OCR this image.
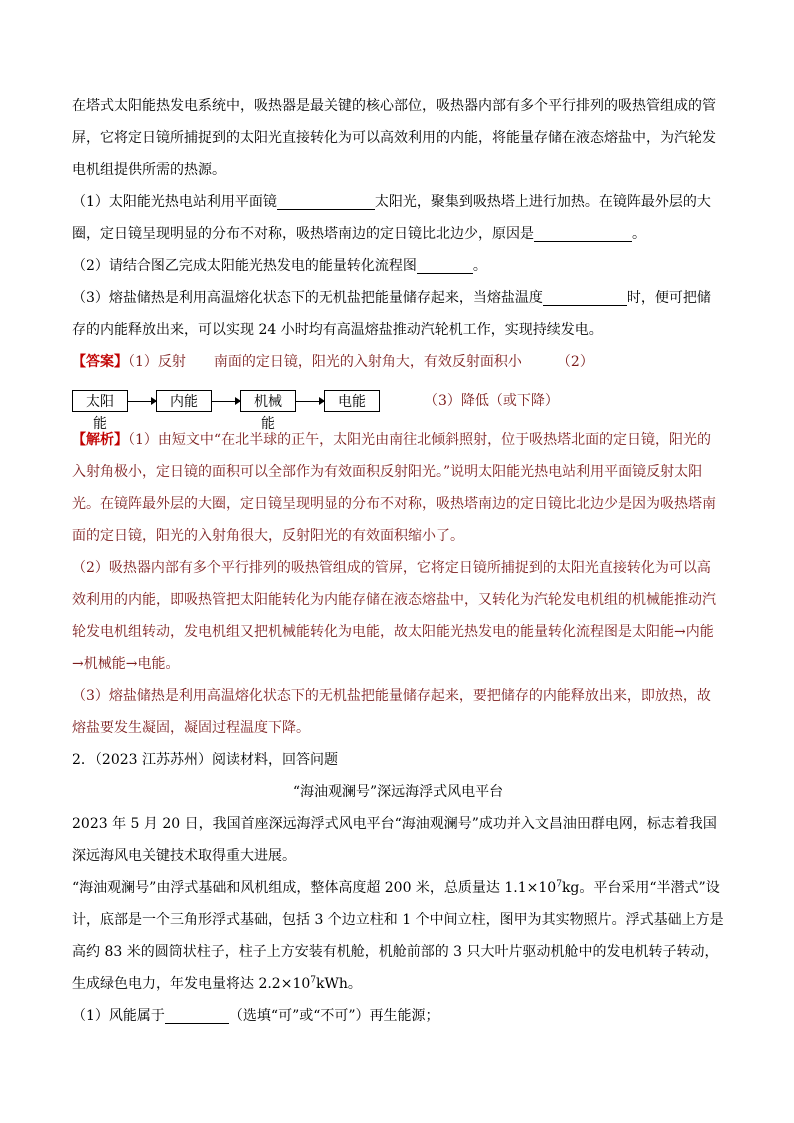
在塔式太阳能热发电系统中，吸热器是最关键的核心部位，吸热器内部有多个平行排列的吸热管组成的管屏，它将定日镜所捕捉到的太阳光直接转化为可以高效利用的内能，将能量存储在液态熔盐中，为汽轮发电机组提供所需的热源。

（1）太阳能光热电站利用平面镜	太阳光，聚集到吸热塔上进行加热。在镜阵最外层的大圈，定日镜呈现明显的分布不对称，吸热塔南边的定日镜比北边少，原因是	。

（2）请结合图乙完成太阳能光热发电的能量转化流程图	。

（3）熔盐储热是利用高温熔化状态下的无机盐把能量储存起来，当熔盐温度	时，便可把储存的内能释放出来，可以实现 24 小时均有高温熔盐推动汽轮机工作，实现持续发电。

【答案】（1）反射　　南面的定日镜，阳光的入射角大，有效反射面积小　　　（2）

太阳能
内能	机械能
电能	（3）降低（或下降）

【解析】（1）由短文中“在北半球的正午，太阳光由南往北倾斜照射，位于吸热塔北面的定日镜，阳光的入射角极小，定日镜的面积可以全部作为有效面积反射阳光。”说明太阳能光热电站利用平面镜反射太阳光。在镜阵最外层的大圈，定日镜呈现明显的分布不对称，吸热塔南边的定日镜比北边少是因为吸热塔南面的定日镜，阳光的入射角很大，反射阳光的有效面积缩小了。

（2）吸热器内部有多个平行排列的吸热管组成的管屏，它将定日镜所捕捉到的太阳光直接转化为可以高效利用的内能，即吸热管把太阳能转化为内能存储在液态熔盐中，又转化为汽轮发电机组的机械能推动汽轮发电机组转动，发电机组又把机械能转化为电能，故太阳能光热发电的能量转化流程图是太阳能→内能→机械能→电能。

（3）熔盐储热是利用高温熔化状态下的无机盐把能量储存起来，要把储存的内能释放出来，即放热，故熔盐要发生凝固，凝固过程温度下降。

2．（2023 江苏苏州）阅读材料，回答问题

“海油观澜号”深远海浮式风电平台

2023 年 5 月 20 日，我国首座深远海浮式风电平台“海油观澜号”成功并入文昌油田群电网，标志着我国深远海风电关键技术取得重大进展。

“海油观澜号”由浮式基础和风机组成，整体高度超 200 米，总质量达 $1.1\times 10^7kg$。平台采用“半潜式”设计，底部是一个三角形浮式基础，包括 3 个边立柱和 1 个中间立柱，图甲为其实物照片。浮式基础上方是高约 83 米的圆筒状柱子，柱子上方安装有机舱，机舱前部的 3 只大叶片驱动机舱中的发电机转子转动，生成绿色电力，年发电量将达 $2.2\times 10^7kWh$。

（1）风能属于	（选填“可”或“不可”）再生能源；
